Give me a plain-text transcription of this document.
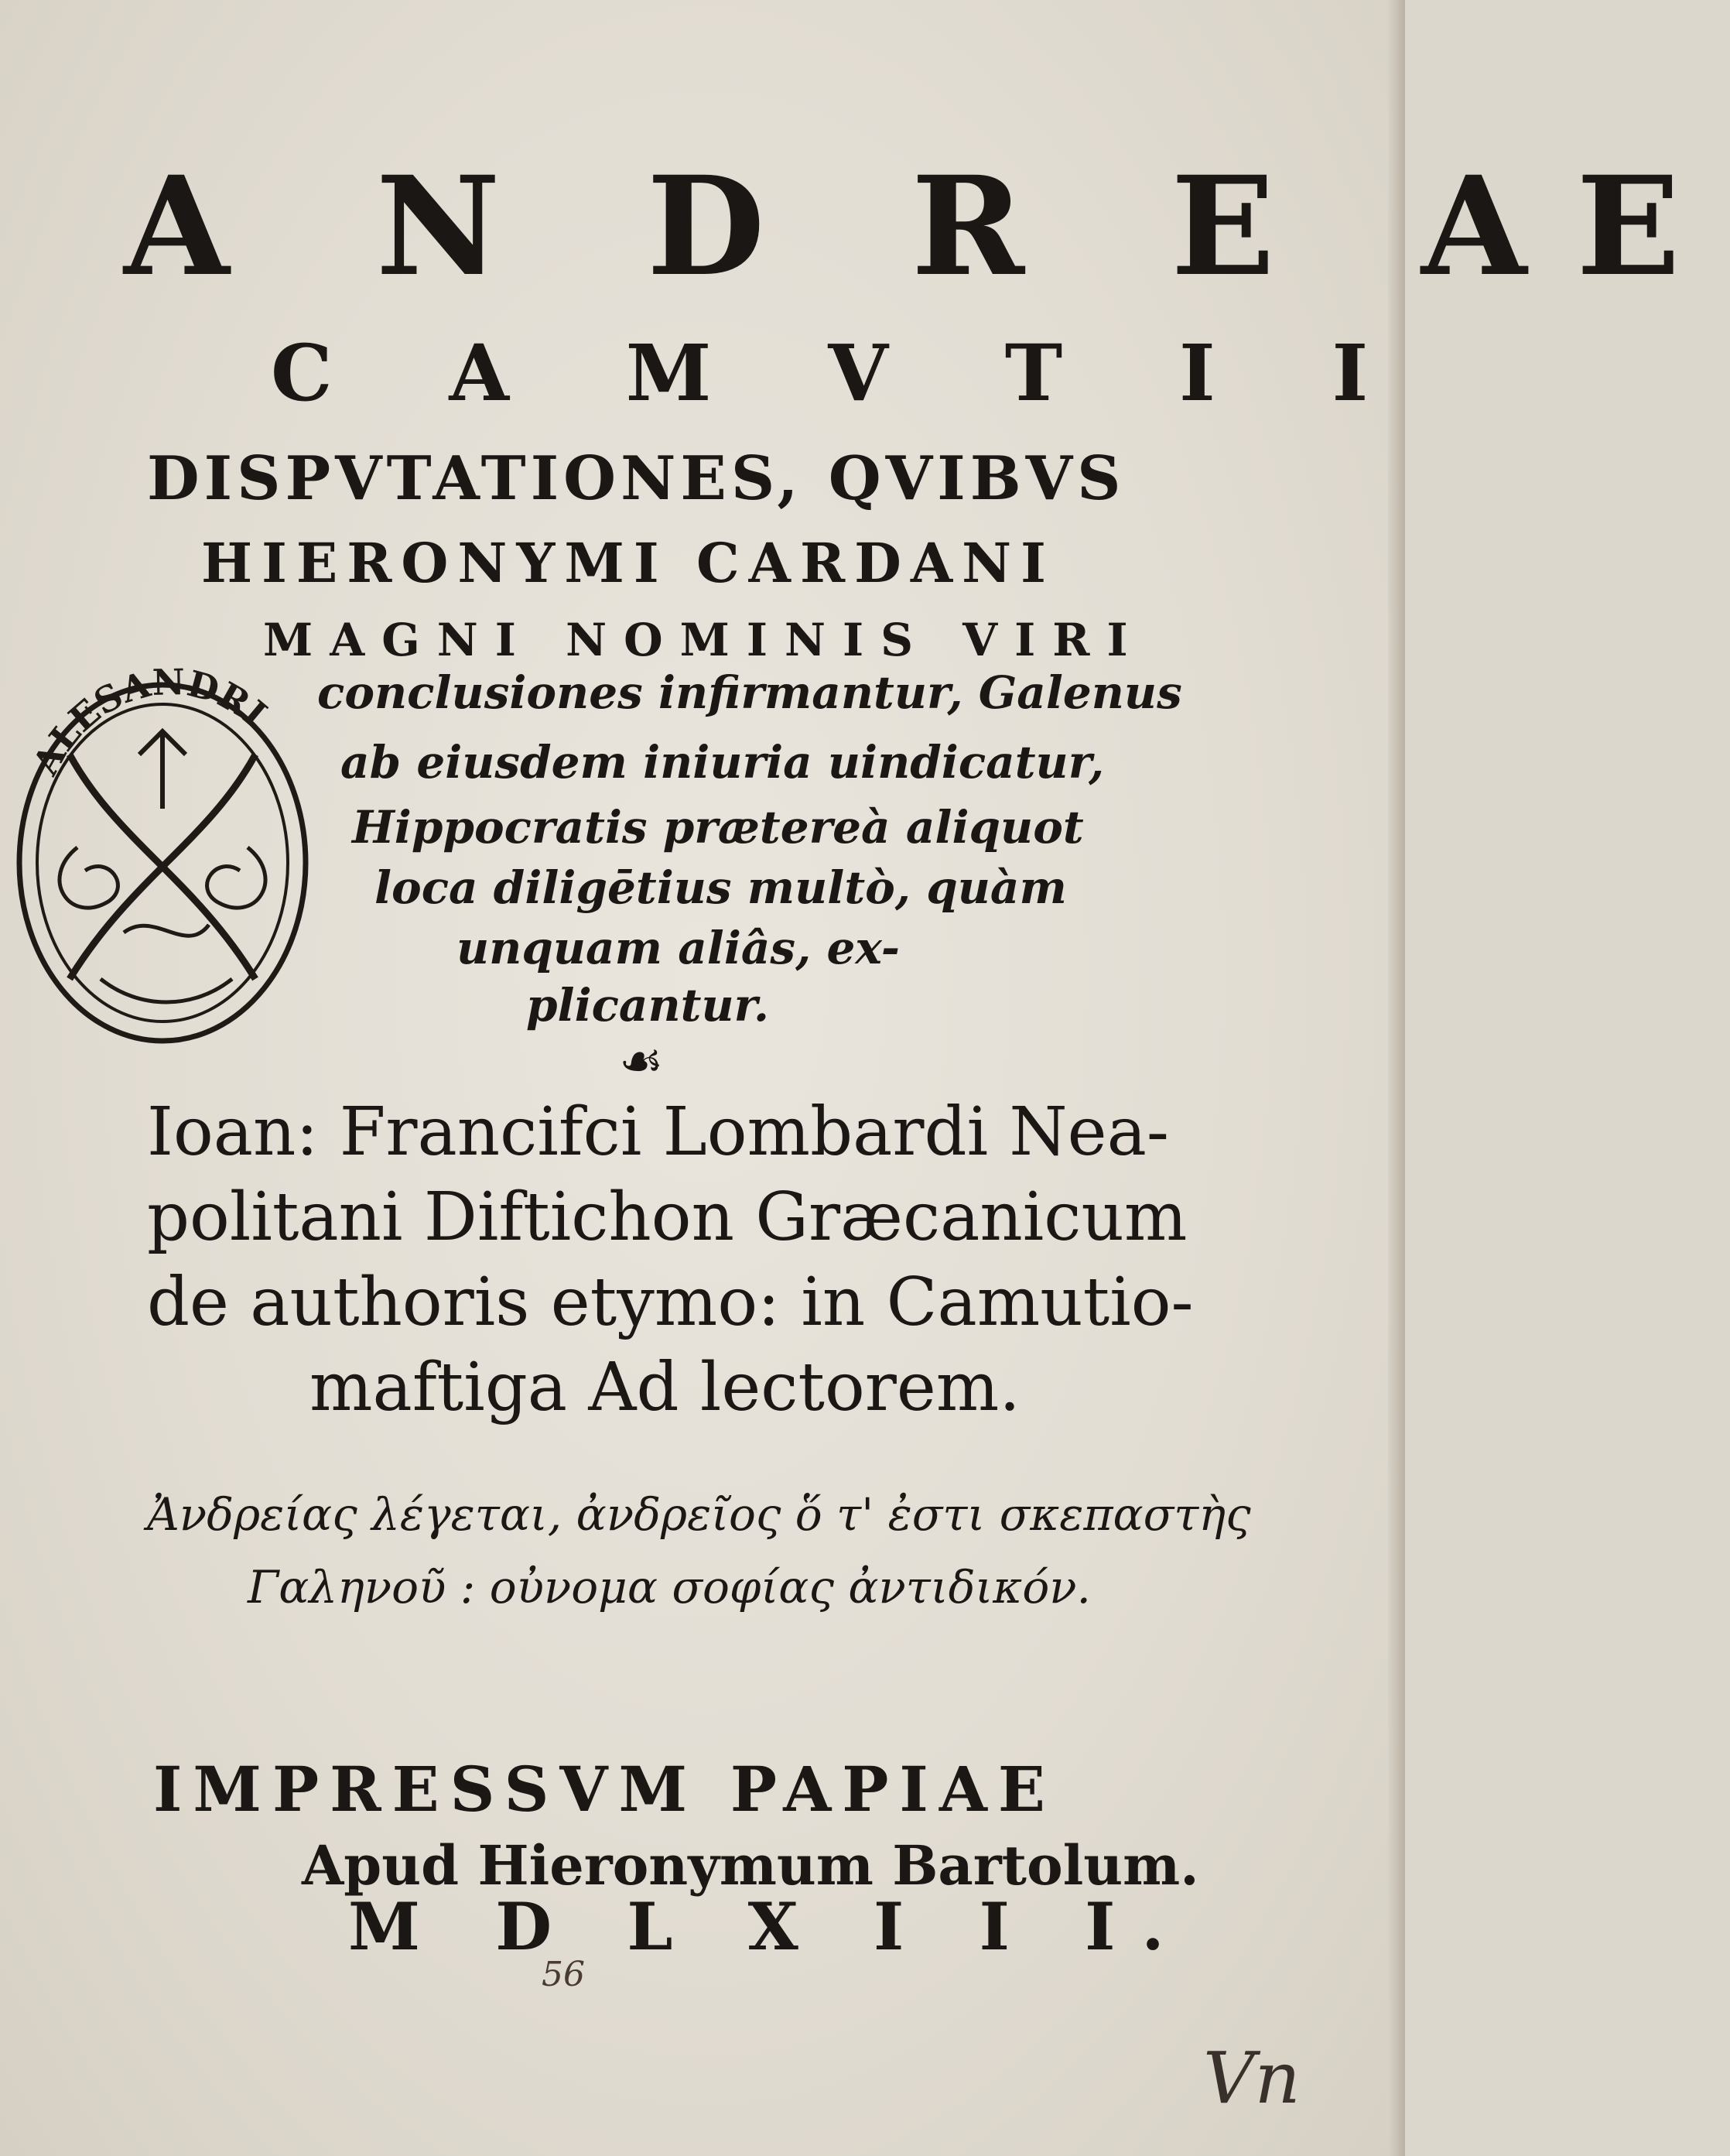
ALESANDRI
A N D R E AE
C A M V T I I
DISPVTATIONES, QVIBVS
HIERONYMI CARDANI
MAGNI NOMINIS VIRI
conclusiones infirmantur, Galenus
ab eiusdem iniuria uindicatur,
Hippocratis prætereà aliquot
loca diligētius multò, quàm
unquam aliâs, ex-
plicantur.
☙
Ioan: Francifci Lombardi Nea-
politani Diftichon Græcanicum
de authoris etymo: in Camutio-
maftiga Ad lectorem.
Ἀνδρείας λέγεται, ἀνδρεῖος ὅ τ' ἐστι σκεπαστὴς
Γαληνοῦ : οὐνομα σοφίας ἀντιδικόν.
IMPRESSVM PAPIAE
Apud Hieronymum Bartolum.
M D L X I I I.
56
Vn
